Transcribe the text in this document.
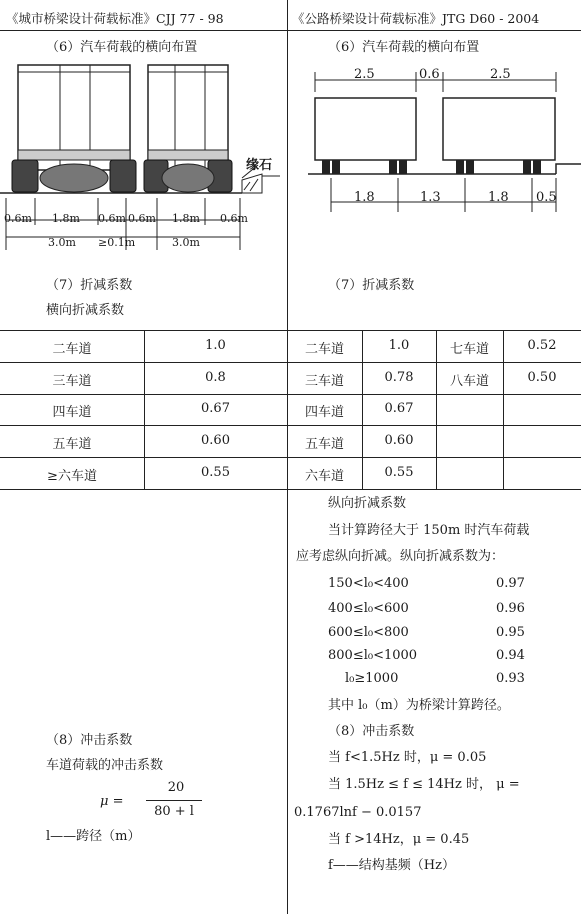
《城市桥梁设计荷载标准》CJJ 77 - 98	《公路桥梁设计荷载标准》JTG D60 - 2004
（6）汽车荷载的横向布置
缘石
0.6m 1.8m 0.6m 0.6m 1.8m 0.6m
3.0m ≥0.1m	3.0m
（7）折减系数
横向折减系数
二车道	1.0
三车道	0.8
四车道	0.67
五车道	0.60
≥六车道	0.55
（8）冲击系数
车道荷载的冲击系数
μ =
20
80 + l
l——跨径（m）
（6）汽车荷载的横向布置
2.5	0.6	2.5
1.8	1.3	1.8 0.5
（7）折减系数
二车道	1.0	七车道	0.52
三车道	0.78	八车道	0.50
四车道	0.67
五车道	0.60
六车道	0.55
纵向折减系数
当计算跨径大于 150m 时汽车荷载
应考虑纵向折减。纵向折减系数为：
150<l₀<400	0.97
400≤l₀<600	0.96
600≤l₀<800	0.95
800≤l₀<1000	0.94
l₀≥1000	0.93
其中 l₀（m）为桥梁计算跨径。
（8）冲击系数
当 f<1.5Hz 时，μ = 0.05
当 1.5Hz ≤ f ≤ 14Hz 时， μ =
0.1767lnf − 0.0157
当 f >14Hz，μ = 0.45
f——结构基频（Hz）
